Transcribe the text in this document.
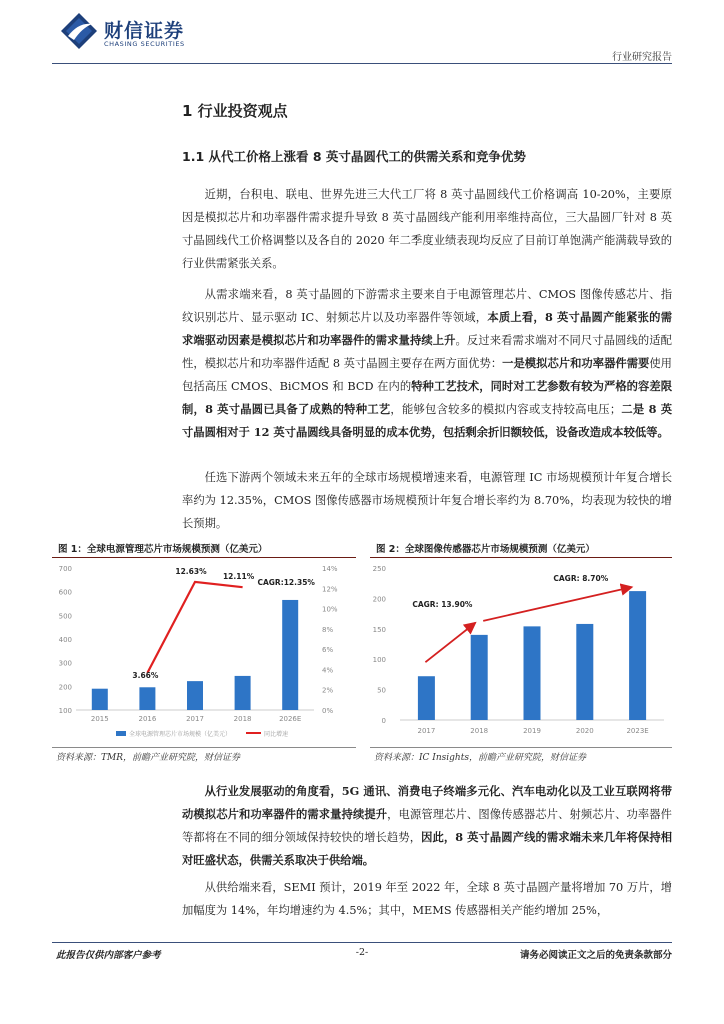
财信证券
CHASING SECURITIES
行业研究报告
1 行业投资观点
1.1 从代工价格上涨看 8 英寸晶圆代工的供需关系和竞争优势

近期，台积电、联电、世界先进三大代工厂将 8 英寸晶圆线代工价格调高 10-20%，主要原因是模拟芯片和功率器件需求提升导致 8 英寸晶圆线产能利用率维持高位，三大晶圆厂针对 8 英寸晶圆线代工价格调整以及各自的 2020 年二季度业绩表现均反应了目前订单饱满产能满载导致的行业供需紧张关系。

从需求端来看，8 英寸晶圆的下游需求主要来自于电源管理芯片、CMOS 图像传感芯片、指纹识别芯片、显示驱动 IC、射频芯片以及功率器件等领域，本质上看，8 英寸晶圆产能紧张的需求端驱动因素是模拟芯片和功率器件的需求量持续上升。反过来看需求端对不同尺寸晶圆线的适配性，模拟芯片和功率器件适配 8 英寸晶圆主要存在两方面优势：一是模拟芯片和功率器件需要使用包括高压 CMOS、BiCMOS 和 BCD 在内的特种工艺技术，同时对工艺参数有较为严格的容差限制，8 英寸晶圆已具备了成熟的特种工艺，能够包含较多的模拟内容或支持较高电压；二是 8 英寸晶圆相对于 12 英寸晶圆线具备明显的成本优势，包括剩余折旧额较低，设备改造成本较低等。

任选下游两个领域未来五年的全球市场规模增速来看，电源管理 IC 市场规模预计年复合增长率约为 12.35%，CMOS 图像传感器市场规模预计年复合增长率约为 8.70%，均表现为较快的增长预期。

图 1：全球电源管理芯片市场规模预测（亿美元）
100
200
300
400
500
600
700
0%
2%
4%
6%
8%
10%
12%
14%
2015	2016	2017	2018	2026E
3.66%
12.63%
12.11%
CAGR:12.35%
全球电源管理芯片市场规模（亿美元）	同比增速
资料来源：TMR，前瞻产业研究院，财信证券
图 2：全球图像传感器芯片市场规模预测（亿美元）
0
50
100
150
200
250
2017	2018	2019	2020	2023E
CAGR: 13.90%
CAGR: 8.70%
资料来源：IC Insights，前瞻产业研究院，财信证券

从行业发展驱动的角度看，5G 通讯、消费电子终端多元化、汽车电动化以及工业互联网将带动模拟芯片和功率器件的需求量持续提升，电源管理芯片、图像传感器芯片、射频芯片、功率器件等都将在不同的细分领域保持较快的增长趋势，因此，8 英寸晶圆产线的需求端未来几年将保持相对旺盛状态，供需关系取决于供给端。

从供给端来看，SEMI 预计，2019 年至 2022 年，全球 8 英寸晶圆产量将增加 70 万片，增加幅度为 14%，年均增速约为 4.5%；其中，MEMS 传感器相关产能约增加 25%，

此报告仅供内部客户参考	-2-	请务必阅读正文之后的免责条款部分
